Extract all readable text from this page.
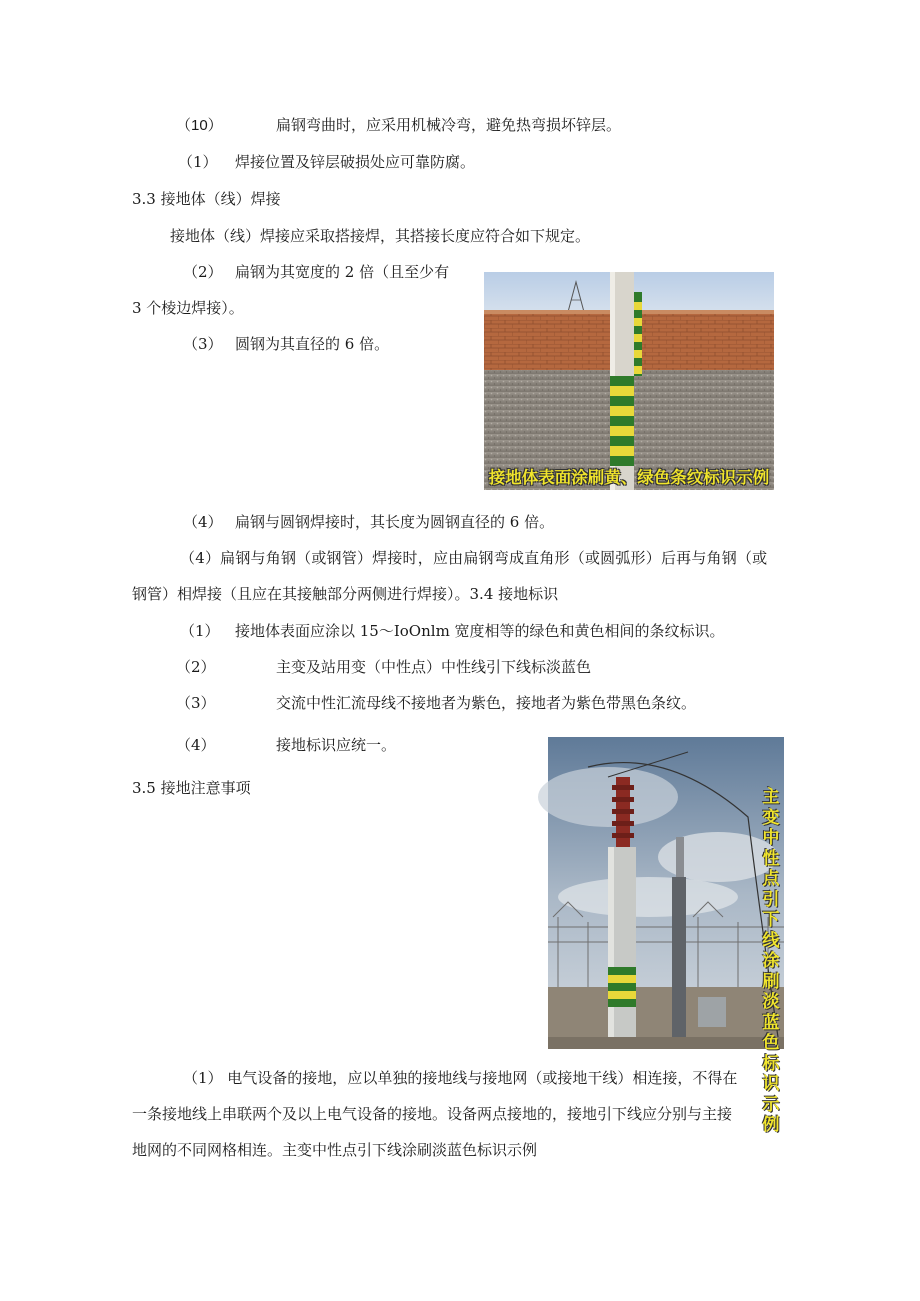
（10）	扁钢弯曲时，应采用机械冷弯，避免热弯损坏锌层。
（1） 焊接位置及锌层破损处应可靠防腐。
3.3 接地体（线）焊接
接地体（线）焊接应采取搭接焊，其搭接长度应符合如下规定。
（2） 扁钢为其宽度的 2 倍（且至少有
3 个棱边焊接）。
（3） 圆钢为其直径的 6 倍。
接地体表面涂刷黄、绿色条纹标识示例
（4） 扁钢与圆钢焊接时，其长度为圆钢直径的 6 倍。
（4）扁钢与角钢（或钢管）焊接时，应由扁钢弯成直角形（或圆弧形）后再与角钢（或
钢管）相焊接（且应在其接触部分两侧进行焊接）。3.4 接地标识
（1） 接地体表面应涂以 15～IoOnlm 宽度相等的绿色和黄色相间的条纹标识。
（2）	主变及站用变（中性点）中性线引下线标淡蓝色
（3）	交流中性汇流母线不接地者为紫色，接地者为紫色带黑色条纹。
（4）	接地标识应统一。
3.5 接地注意事项	主变中性点引下线涂刷淡蓝色标识示例
（1） 电气设备的接地，应以单独的接地线与接地网（或接地干线）相连接，不得在
一条接地线上串联两个及以上电气设备的接地。设备两点接地的，接地引下线应分别与主接
地网的不同网格相连。主变中性点引下线涂刷淡蓝色标识示例
